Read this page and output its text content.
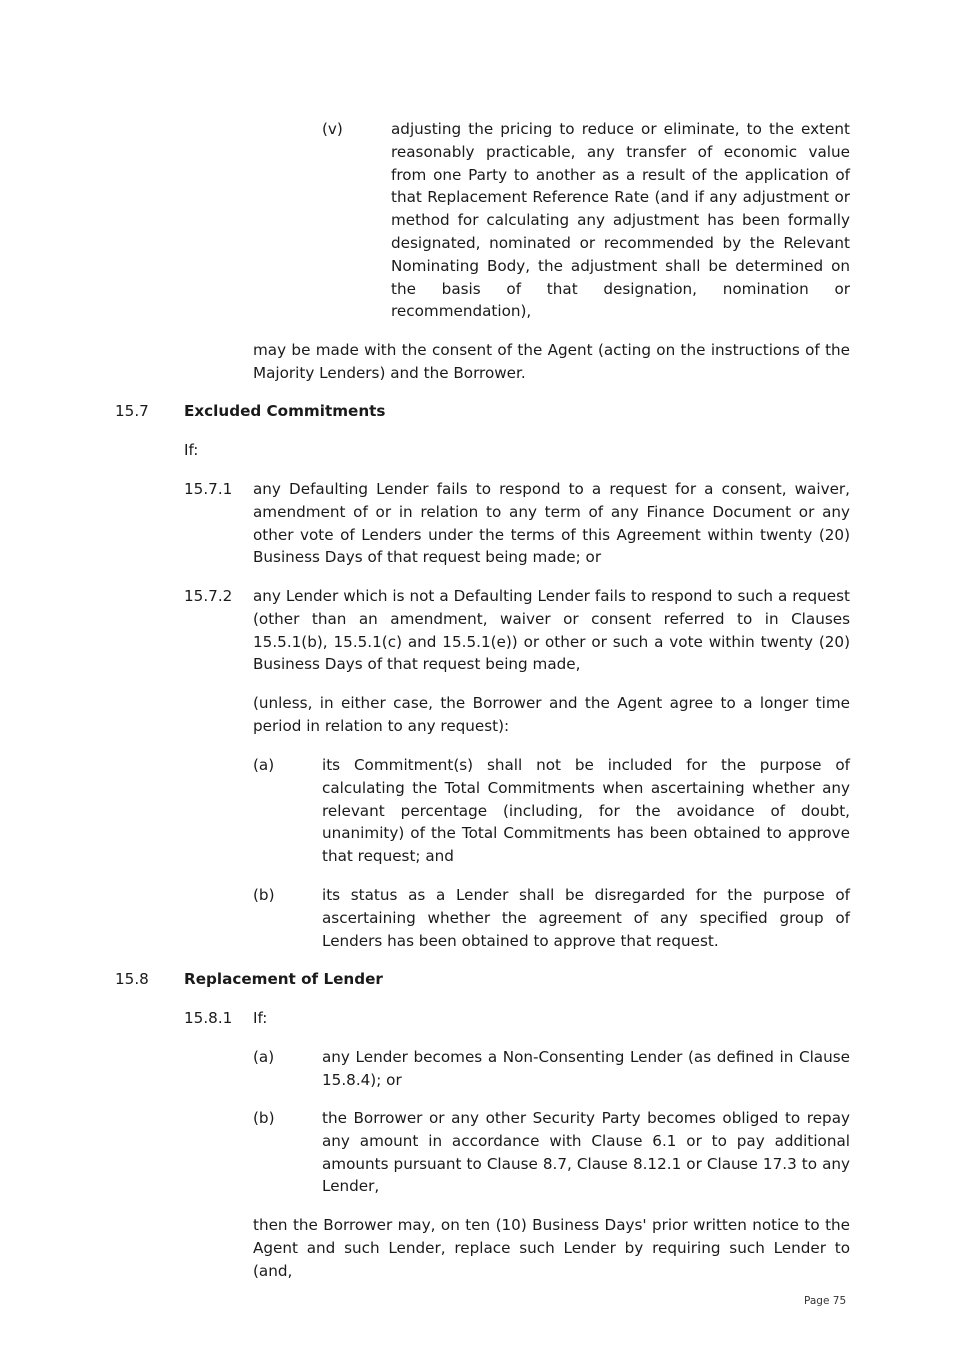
(v)	adjusting the pricing to reduce or eliminate, to the extent reasonably practicable, any transfer of economic value from one Party to another as a result of the application of that Replacement Reference Rate (and if any adjustment or method for calculating any adjustment has been formally designated, nominated or recommended by the Relevant Nominating Body, the adjustment shall be determined on the basis of that designation, nomination or recommendation),
may be made with the consent of the Agent (acting on the instructions of the Majority Lenders) and the Borrower.
15.7 Excluded Commitments
If:
15.7.1 any Defaulting Lender fails to respond to a request for a consent, waiver, amendment of or in relation to any term of any Finance Document or any other vote of Lenders under the terms of this Agreement within twenty (20) Business Days of that request being made; or
15.7.2 any Lender which is not a Defaulting Lender fails to respond to such a request (other than an amendment, waiver or consent referred to in Clauses 15.5.1(b), 15.5.1(c) and 15.5.1(e)) or other or such a vote within twenty (20) Business Days of that request being made,
(unless, in either case, the Borrower and the Agent agree to a longer time period in relation to any request):
(a)	its Commitment(s) shall not be included for the purpose of calculating the Total Commitments when ascertaining whether any relevant percentage (including, for the avoidance of doubt, unanimity) of the Total Commitments has been obtained to approve that request; and
(b)	its status as a Lender shall be disregarded for the purpose of ascertaining whether the agreement of any specified group of Lenders has been obtained to approve that request.
15.8 Replacement of Lender
15.8.1 If:
(a)	any Lender becomes a Non-Consenting Lender (as defined in Clause 15.8.4); or
(b)	the Borrower or any other Security Party becomes obliged to repay any amount in accordance with Clause 6.1 or to pay additional amounts pursuant to Clause 8.7, Clause 8.12.1 or Clause 17.3 to any Lender,
then the Borrower may, on ten (10) Business Days' prior written notice to the Agent and such Lender, replace such Lender by requiring such Lender to (and,
Page 75
